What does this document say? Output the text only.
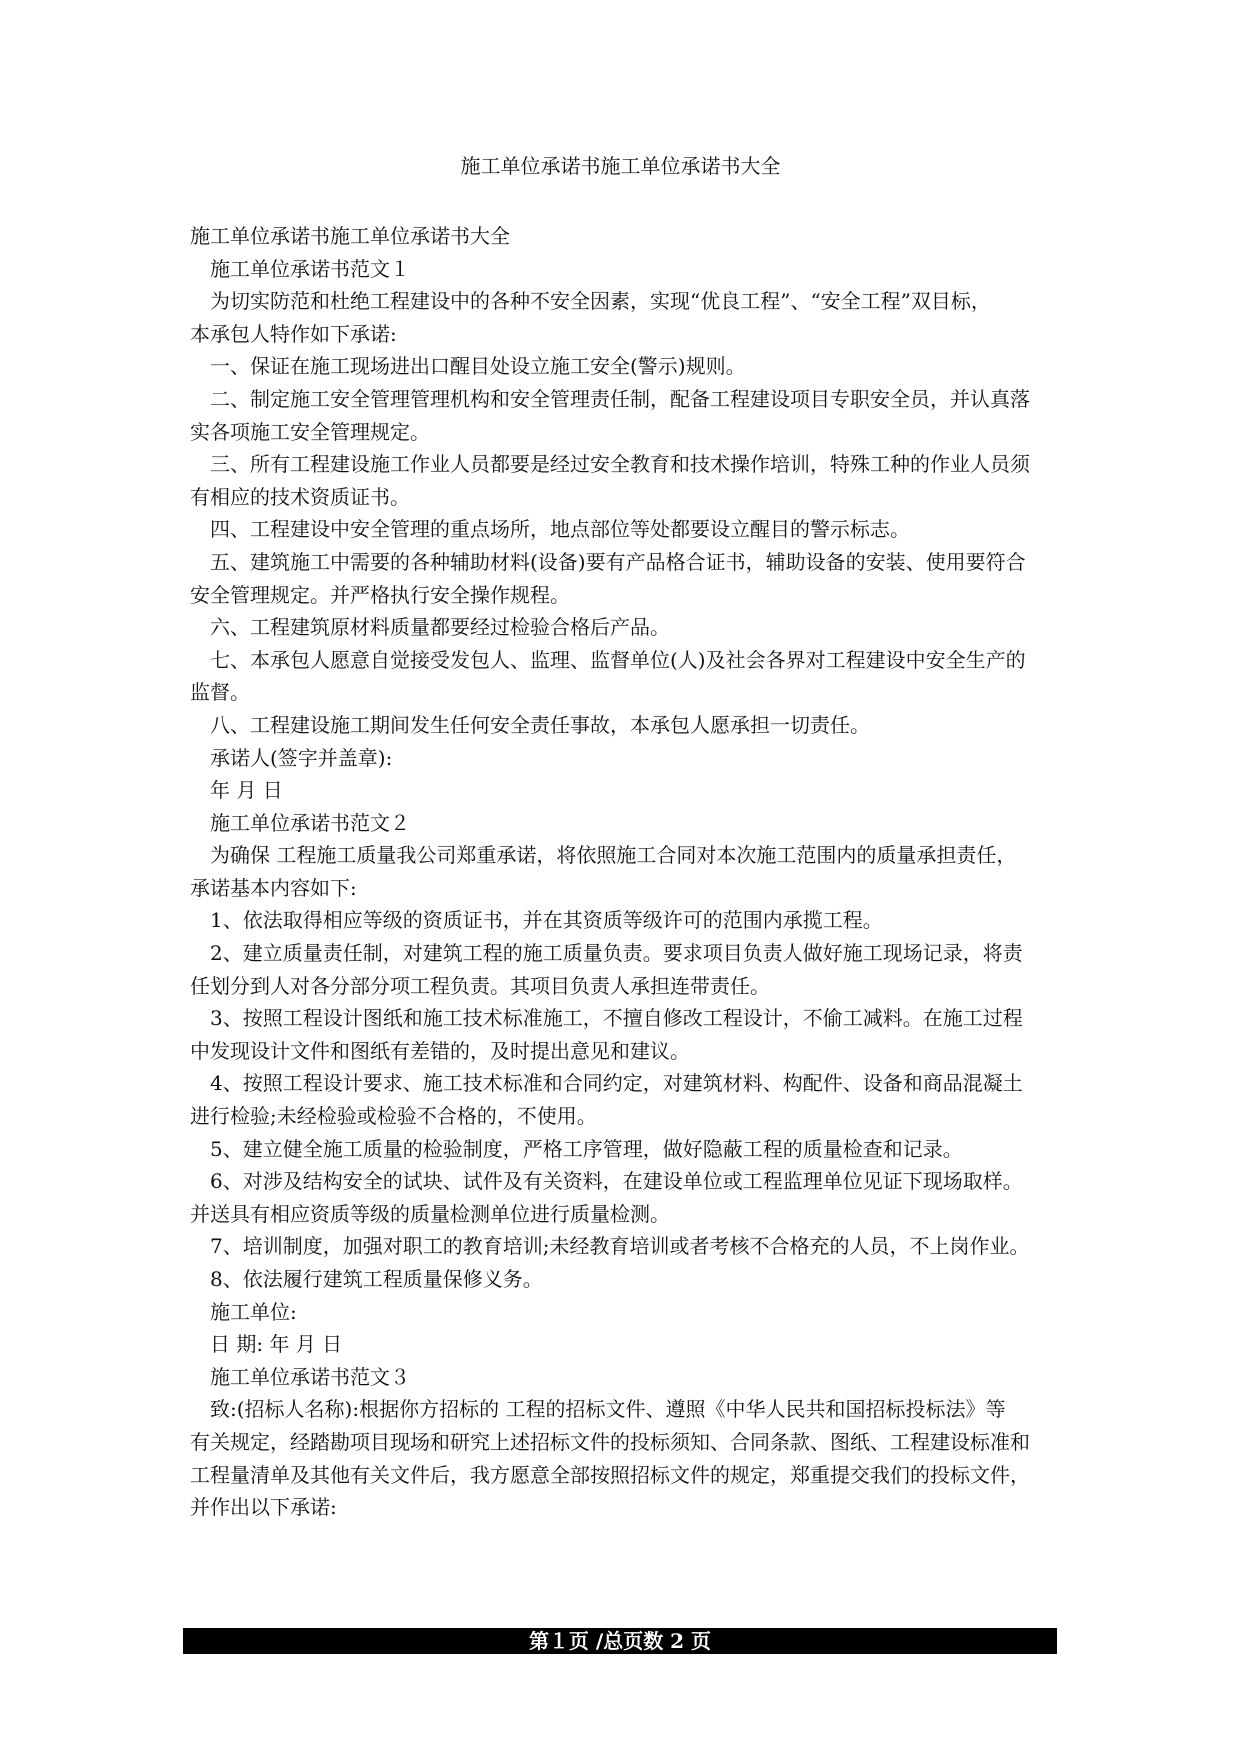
施工单位承诺书施工单位承诺书大全
施工单位承诺书施工单位承诺书大全
施工单位承诺书范文１
为切实防范和杜绝工程建设中的各种不安全因素，实现“优良工程”、“安全工程”双目标，
本承包人特作如下承诺:
一、保证在施工现场进出口醒目处设立施工安全(警示)规则。
二、制定施工安全管理管理机构和安全管理责任制，配备工程建设项目专职安全员，并认真落
实各项施工安全管理规定。
三、所有工程建设施工作业人员都要是经过安全教育和技术操作培训，特殊工种的作业人员须
有相应的技术资质证书。
四、工程建设中安全管理的重点场所，地点部位等处都要设立醒目的警示标志。
五、建筑施工中需要的各种辅助材料(设备)要有产品格合证书，辅助设备的安装、使用要符合
安全管理规定。并严格执行安全操作规程。
六、工程建筑原材料质量都要经过检验合格后产品。
七、本承包人愿意自觉接受发包人、监理、监督单位(人)及社会各界对工程建设中安全生产的
监督。
八、工程建设施工期间发生任何安全责任事故，本承包人愿承担一切责任。
承诺人(签字并盖章):
年 月 日
施工单位承诺书范文２
为确保 工程施工质量我公司郑重承诺，将依照施工合同对本次施工范围内的质量承担责任，
承诺基本内容如下:
1、依法取得相应等级的资质证书，并在其资质等级许可的范围内承揽工程。
2、建立质量责任制，对建筑工程的施工质量负责。要求项目负责人做好施工现场记录，将责
任划分到人对各分部分项工程负责。其项目负责人承担连带责任。
3、按照工程设计图纸和施工技术标准施工，不擅自修改工程设计，不偷工减料。在施工过程
中发现设计文件和图纸有差错的，及时提出意见和建议。
4、按照工程设计要求、施工技术标准和合同约定，对建筑材料、构配件、设备和商品混凝土
进行检验;未经检验或检验不合格的，不使用。
5、建立健全施工质量的检验制度，严格工序管理，做好隐蔽工程的质量检查和记录。
6、对涉及结构安全的试块、试件及有关资料，在建设单位或工程监理单位见证下现场取样。
并送具有相应资质等级的质量检测单位进行质量检测。
7、培训制度，加强对职工的教育培训;未经教育培训或者考核不合格充的人员，不上岗作业。
8、依法履行建筑工程质量保修义务。
施工单位:
日 期: 年 月 日
施工单位承诺书范文３
致:(招标人名称):根据你方招标的 工程的招标文件、遵照《中华人民共和国招标投标法》等
有关规定，经踏勘项目现场和研究上述招标文件的投标须知、合同条款、图纸、工程建设标准和
工程量清单及其他有关文件后，我方愿意全部按照招标文件的规定，郑重提交我们的投标文件，
并作出以下承诺:
第１页 /总页数 2 页
